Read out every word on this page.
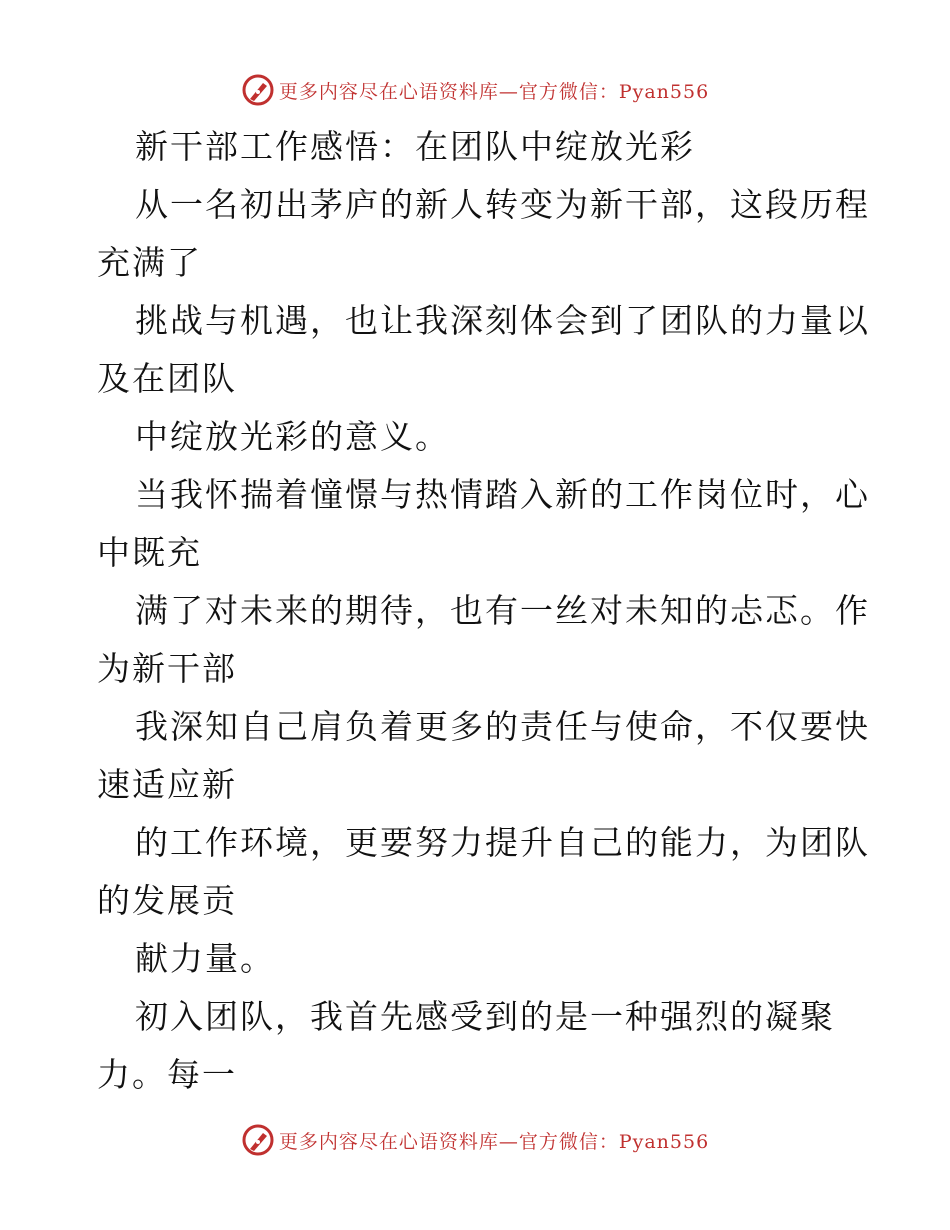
更多内容尽在心语资料库—官方微信：Pyan556
新干部工作感悟：在团队中绽放光彩
从一名初出茅庐的新人转变为新干部，这段历程
充满了
挑战与机遇，也让我深刻体会到了团队的力量以
及在团队
中绽放光彩的意义。
当我怀揣着憧憬与热情踏入新的工作岗位时，心
中既充
满了对未来的期待，也有一丝对未知的忐忑。作
为新干部
我深知自己肩负着更多的责任与使命，不仅要快
速适应新
的工作环境，更要努力提升自己的能力，为团队
的发展贡
献力量。
初入团队，我首先感受到的是一种强烈的凝聚
力。每一
更多内容尽在心语资料库—官方微信：Pyan556
